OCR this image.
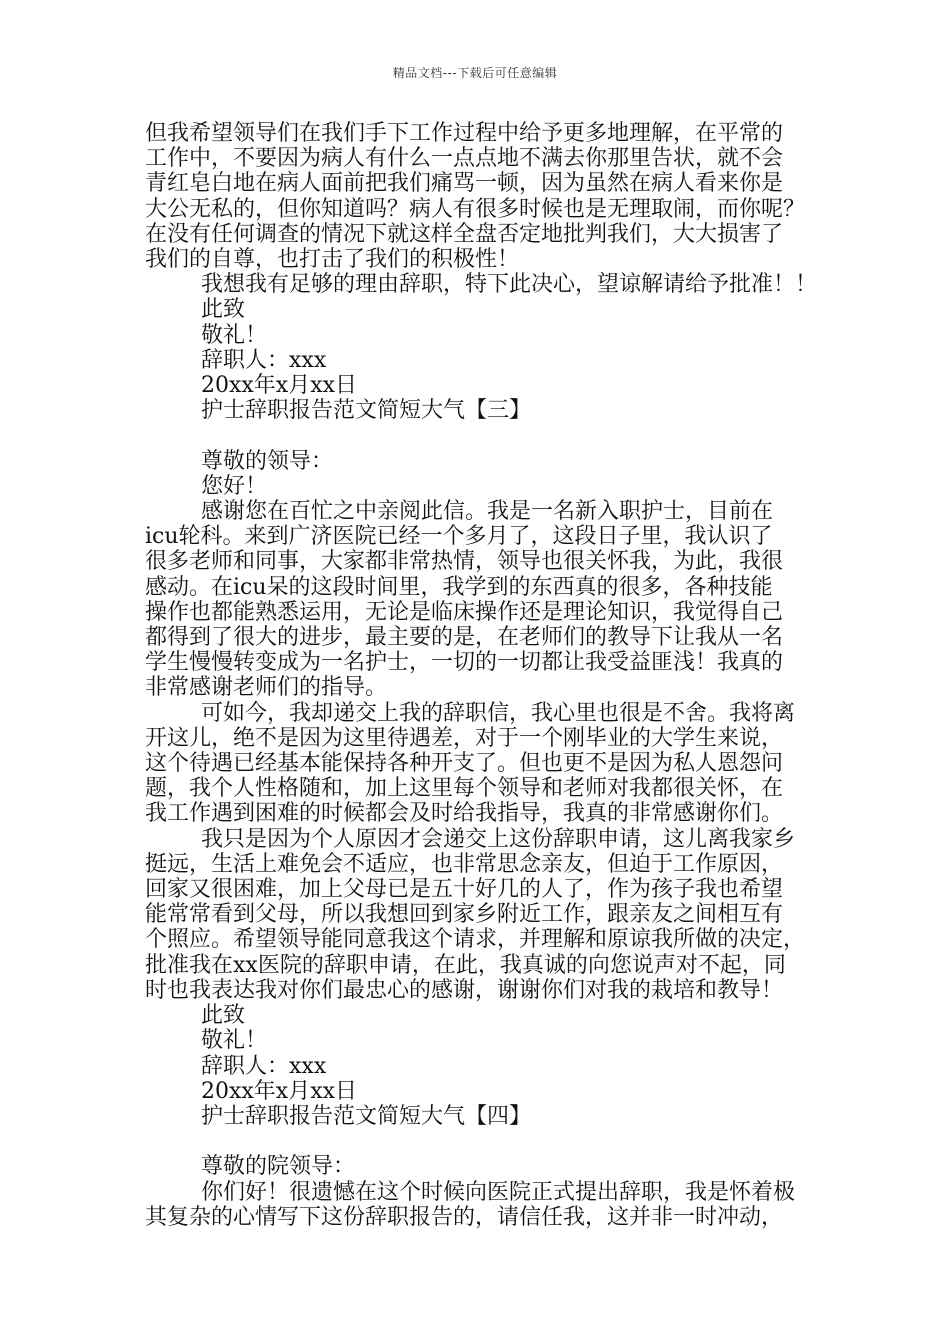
精品文档---下载后可任意编辑

但我希望领导们在我们手下工作过程中给予更多地理解，在平常的

工作中，不要因为病人有什么一点点地不满去你那里告状，就不会

青红皂白地在病人面前把我们痛骂一顿，因为虽然在病人看来你是

大公无私的，但你知道吗？病人有很多时候也是无理取闹，而你呢？

在没有任何调查的情况下就这样全盘否定地批判我们，大大损害了

我们的自尊，也打击了我们的积极性！

我想我有足够的理由辞职，特下此决心，望谅解请给予批准！！

此致

敬礼！

辞职人：xxx

20xx年x月xx日

护士辞职报告范文简短大气【三】

尊敬的领导：

您好！

感谢您在百忙之中亲阅此信。我是一名新入职护士，目前在

icu轮科。来到广济医院已经一个多月了，这段日子里，我认识了

很多老师和同事，大家都非常热情，领导也很关怀我，为此，我很

感动。在icu呆的这段时间里，我学到的东西真的很多，各种技能

操作也都能熟悉运用，无论是临床操作还是理论知识，我觉得自己

都得到了很大的进步，最主要的是，在老师们的教导下让我从一名

学生慢慢转变成为一名护士，一切的一切都让我受益匪浅！我真的

非常感谢老师们的指导。

可如今，我却递交上我的辞职信，我心里也很是不舍。我将离

开这儿，绝不是因为这里待遇差，对于一个刚毕业的大学生来说，

这个待遇已经基本能保持各种开支了。但也更不是因为私人恩怨问

题，我个人性格随和，加上这里每个领导和老师对我都很关怀，在

我工作遇到困难的时候都会及时给我指导，我真的非常感谢你们。

我只是因为个人原因才会递交上这份辞职申请，这儿离我家乡

挺远，生活上难免会不适应，也非常思念亲友，但迫于工作原因，

回家又很困难，加上父母已是五十好几的人了，作为孩子我也希望

能常常看到父母，所以我想回到家乡附近工作，跟亲友之间相互有

个照应。希望领导能同意我这个请求，并理解和原谅我所做的决定，

批准我在xx医院的辞职申请，在此，我真诚的向您说声对不起，同

时也我表达我对你们最忠心的感谢，谢谢你们对我的栽培和教导！

此致

敬礼！

辞职人：xxx

20xx年x月xx日

护士辞职报告范文简短大气【四】

尊敬的院领导：

你们好！很遗憾在这个时候向医院正式提出辞职，我是怀着极

其复杂的心情写下这份辞职报告的，请信任我，这并非一时冲动，
